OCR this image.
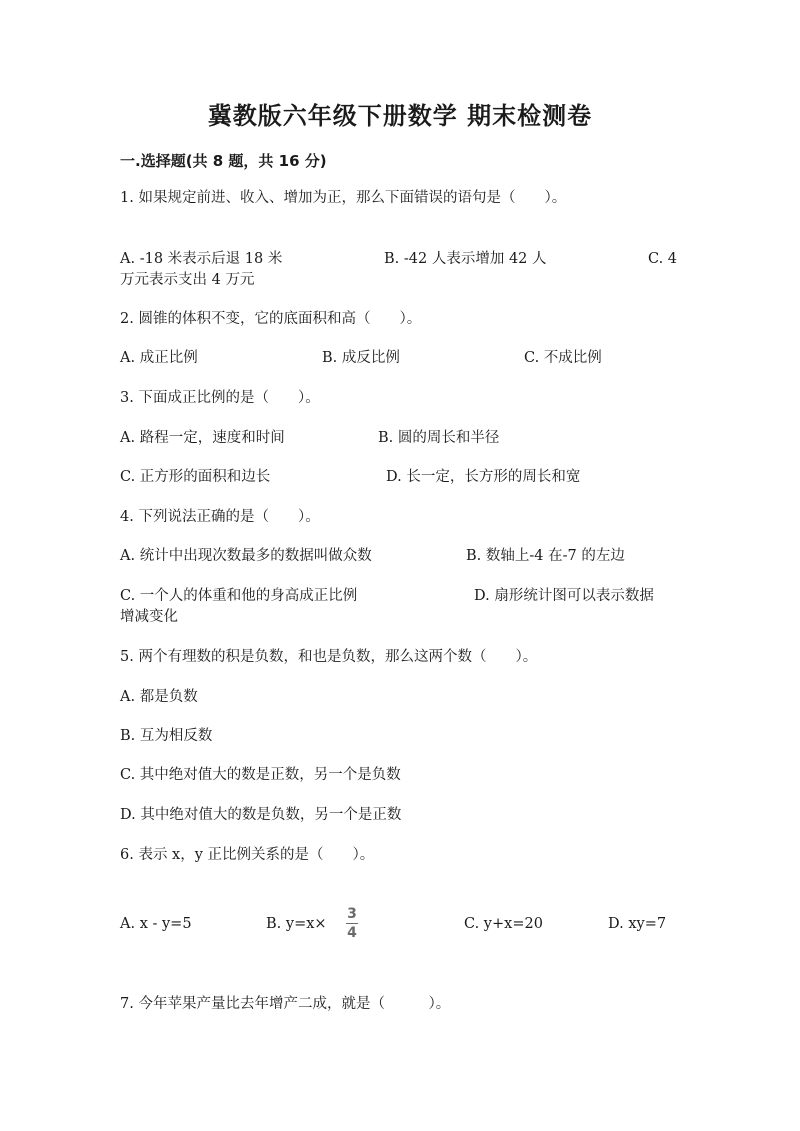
冀教版六年级下册数学 期末检测卷
一.选择题(共 8 题，共 16 分)
1. 如果规定前进、收入、增加为正，那么下面错误的语句是（　　）。
A. -18 米表示后退 18 米	B. -42 人表示增加 42 人	C. 4
万元表示支出 4 万元
2. 圆锥的体积不变，它的底面积和高（　　）。
A. 成正比例	B. 成反比例	C. 不成比例
3. 下面成正比例的是（　　）。
A. 路程一定，速度和时间	B. 圆的周长和半径
C. 正方形的面积和边长	D. 长一定，长方形的周长和宽
4. 下列说法正确的是（　　）。
A. 统计中出现次数最多的数据叫做众数	B. 数轴上-4 在-7 的左边
C. 一个人的体重和他的身高成正比例	D. 扇形统计图可以表示数据
增减变化
5. 两个有理数的积是负数，和也是负数，那么这两个数（　　）。
A. 都是负数
B. 互为相反数
C. 其中绝对值大的数是正数，另一个是负数
D. 其中绝对值大的数是负数，另一个是正数
6. 表示 x，y 正比例关系的是（　　）。
A. x - y=5	B. y=x×
3
4
C. y+x=20	D. xy=7
7. 今年苹果产量比去年增产二成，就是（　　　）。
